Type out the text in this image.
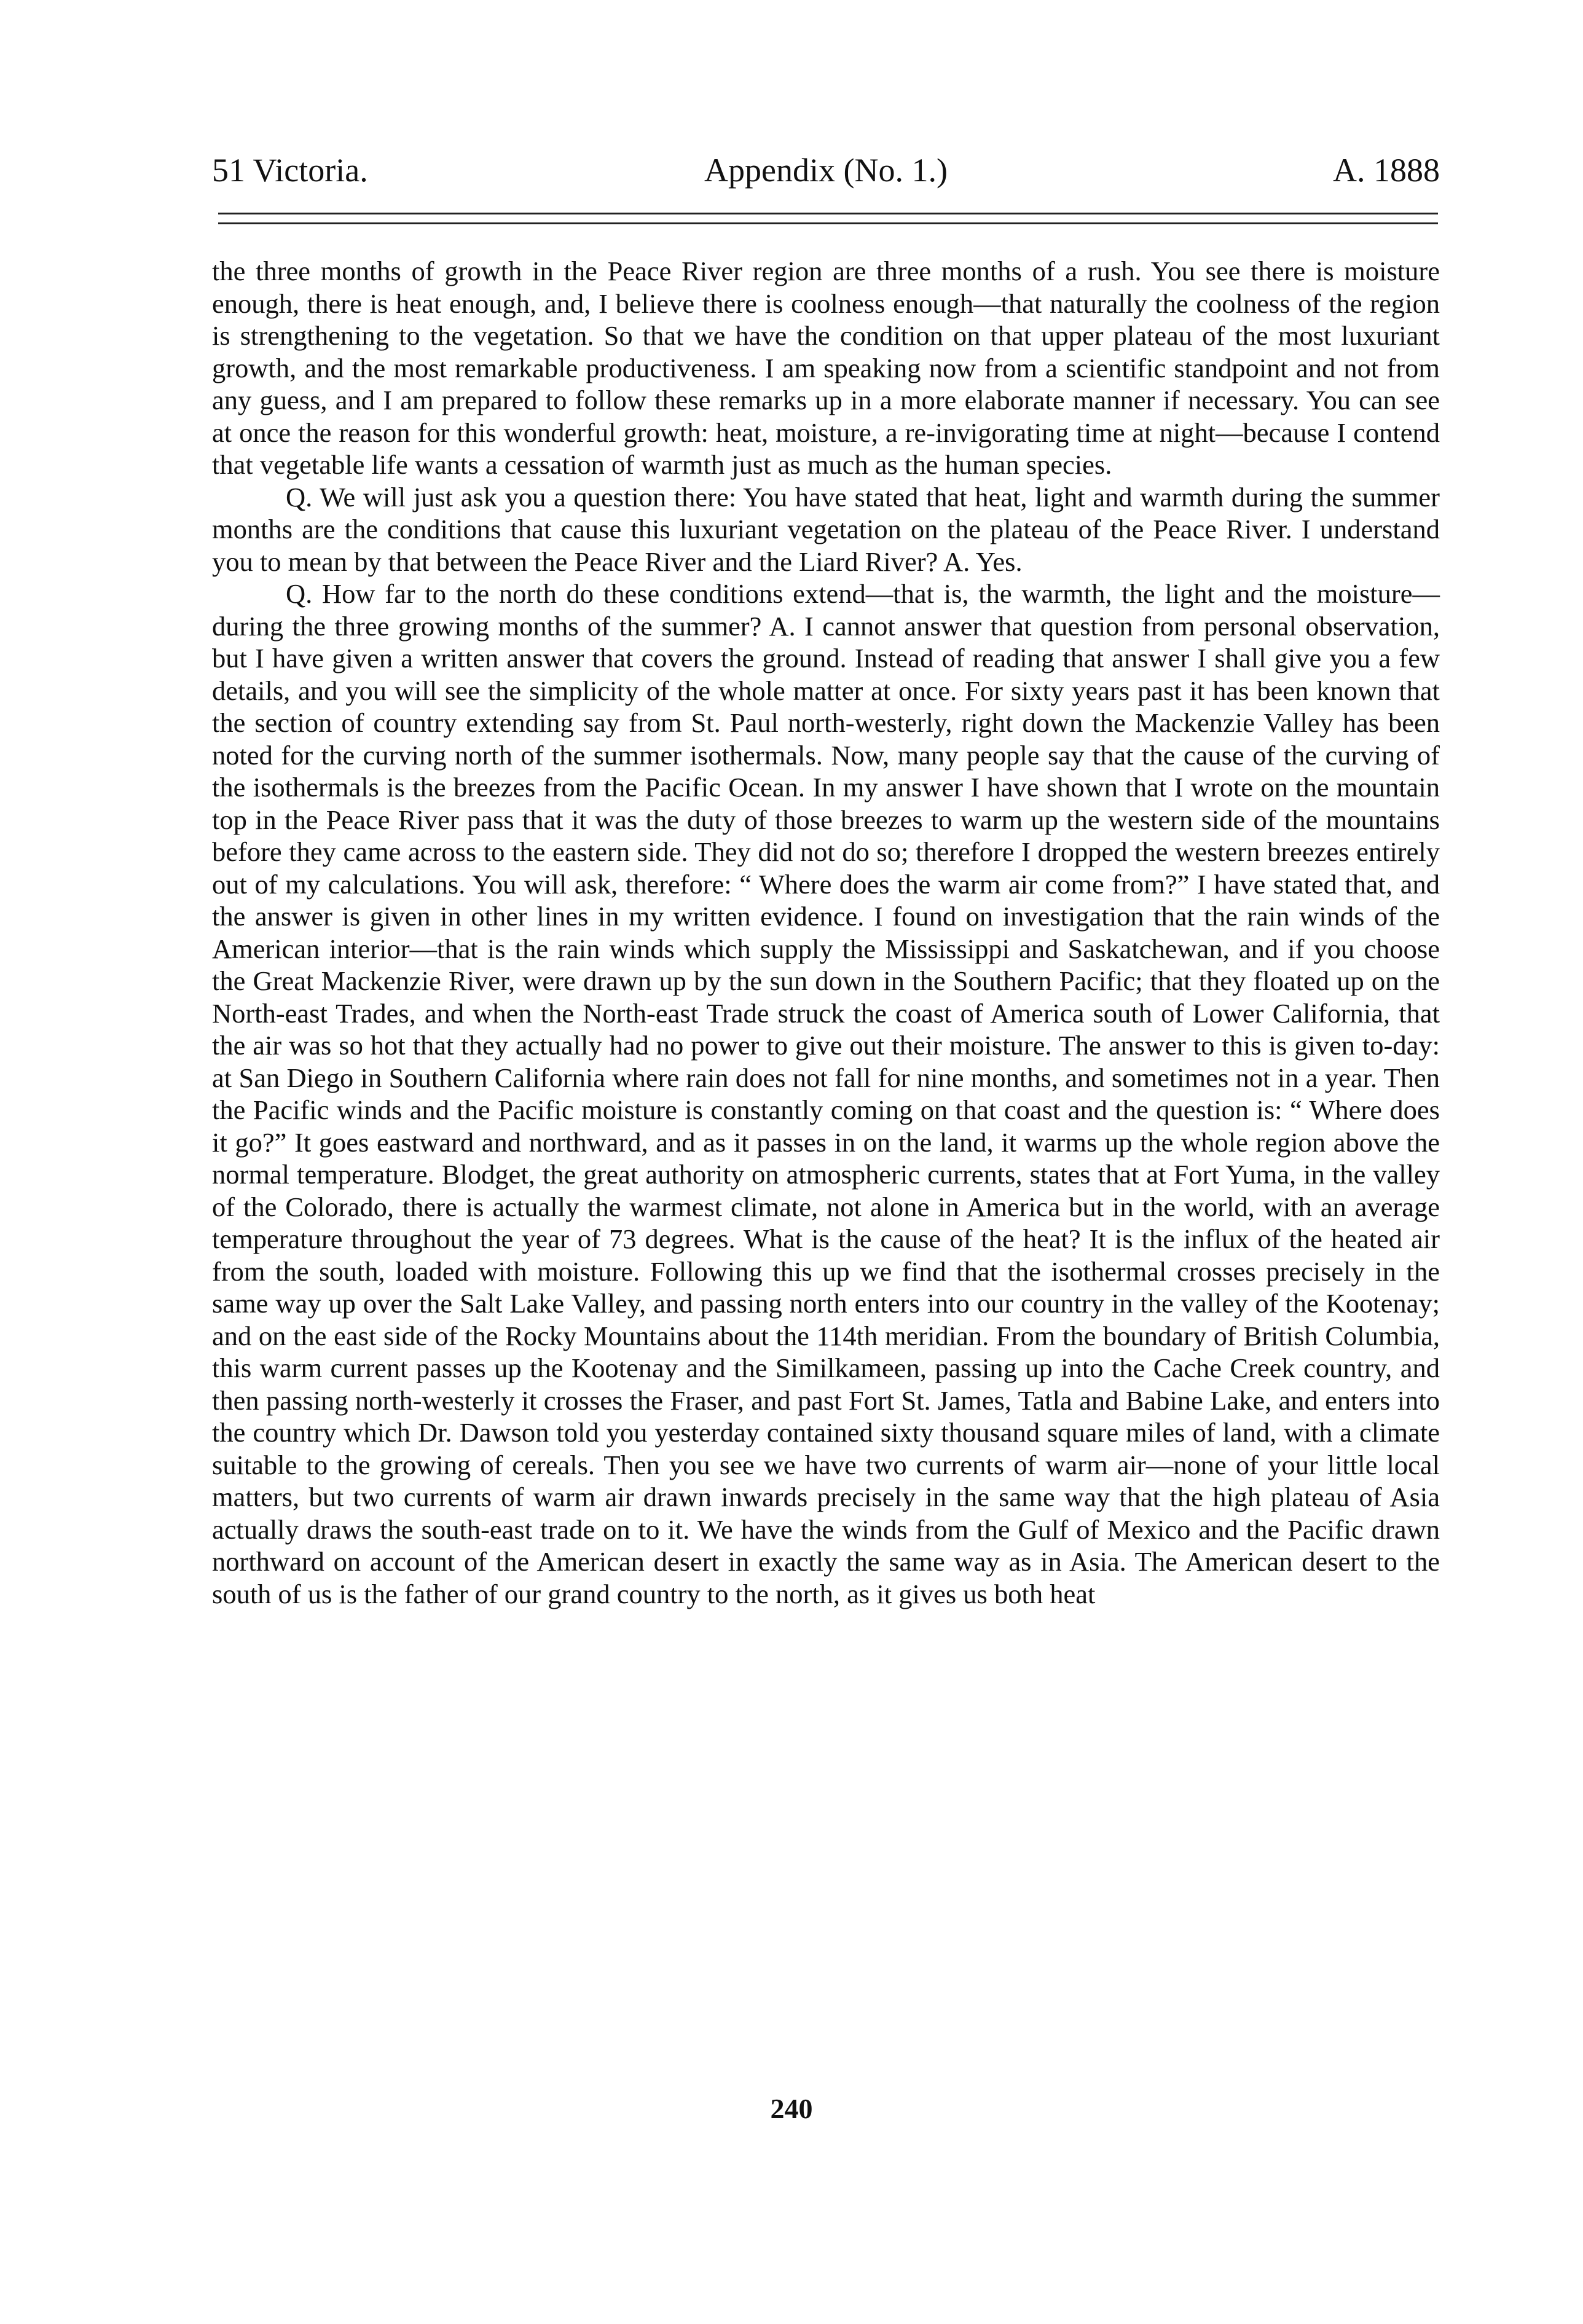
51 Victoria.	Appendix (No. 1.)	A. 1888

the three months of growth in the Peace River region are three months of a rush. You see there is moisture enough, there is heat enough, and, I believe there is coolness enough—that naturally the coolness of the region is strengthening to the vegetation. So that we have the condition on that upper plateau of the most luxuriant growth, and the most remarkable productiveness. I am speaking now from a scientific standpoint and not from any guess, and I am prepared to follow these remarks up in a more elaborate manner if necessary. You can see at once the reason for this wonderful growth: heat, moisture, a re-invigorating time at night—because I contend that vegetable life wants a cessation of warmth just as much as the human species.

Q. We will just ask you a question there: You have stated that heat, light and warmth during the summer months are the conditions that cause this luxuriant vegetation on the plateau of the Peace River. I understand you to mean by that between the Peace River and the Liard River? A. Yes.

Q. How far to the north do these conditions extend—that is, the warmth, the light and the moisture—during the three growing months of the summer? A. I cannot answer that question from personal observation, but I have given a written answer that covers the ground. Instead of reading that answer I shall give you a few details, and you will see the simplicity of the whole matter at once. For sixty years past it has been known that the section of country extending say from St. Paul north-westerly, right down the Mackenzie Valley has been noted for the curving north of the summer isothermals. Now, many people say that the cause of the curving of the isothermals is the breezes from the Pacific Ocean. In my answer I have shown that I wrote on the mountain top in the Peace River pass that it was the duty of those breezes to warm up the western side of the mountains before they came across to the eastern side. They did not do so; therefore I dropped the western breezes entirely out of my calculations. You will ask, therefore: “ Where does the warm air come from?” I have stated that, and the answer is given in other lines in my written evidence. I found on investigation that the rain winds of the American interior—that is the rain winds which supply the Mississippi and Saskatchewan, and if you choose the Great Mackenzie River, were drawn up by the sun down in the Southern Pacific; that they floated up on the North-east Trades, and when the North-east Trade struck the coast of America south of Lower California, that the air was so hot that they actually had no power to give out their moisture. The answer to this is given to-day: at San Diego in Southern California where rain does not fall for nine months, and sometimes not in a year. Then the Pacific winds and the Pacific moisture is constantly coming on that coast and the question is: “ Where does it go?” It goes eastward and northward, and as it passes in on the land, it warms up the whole region above the normal temperature. Blodget, the great authority on atmospheric currents, states that at Fort Yuma, in the valley of the Colorado, there is actually the warmest climate, not alone in America but in the world, with an average temperature throughout the year of 73 degrees. What is the cause of the heat? It is the influx of the heated air from the south, loaded with moisture. Following this up we find that the isothermal crosses precisely in the same way up over the Salt Lake Valley, and passing north enters into our country in the valley of the Kootenay; and on the east side of the Rocky Mountains about the 114th meridian. From the boundary of British Columbia, this warm current passes up the Kootenay and the Similkameen, passing up into the Cache Creek country, and then passing north-westerly it crosses the Fraser, and past Fort St. James, Tatla and Babine Lake, and enters into the country which Dr. Dawson told you yesterday contained sixty thousand square miles of land, with a climate suitable to the growing of cereals. Then you see we have two currents of warm air—none of your little local matters, but two currents of warm air drawn inwards precisely in the same way that the high plateau of Asia actually draws the south-east trade on to it. We have the winds from the Gulf of Mexico and the Pacific drawn northward on account of the American desert in exactly the same way as in Asia. The American desert to the south of us is the father of our grand country to the north, as it gives us both heat

240
